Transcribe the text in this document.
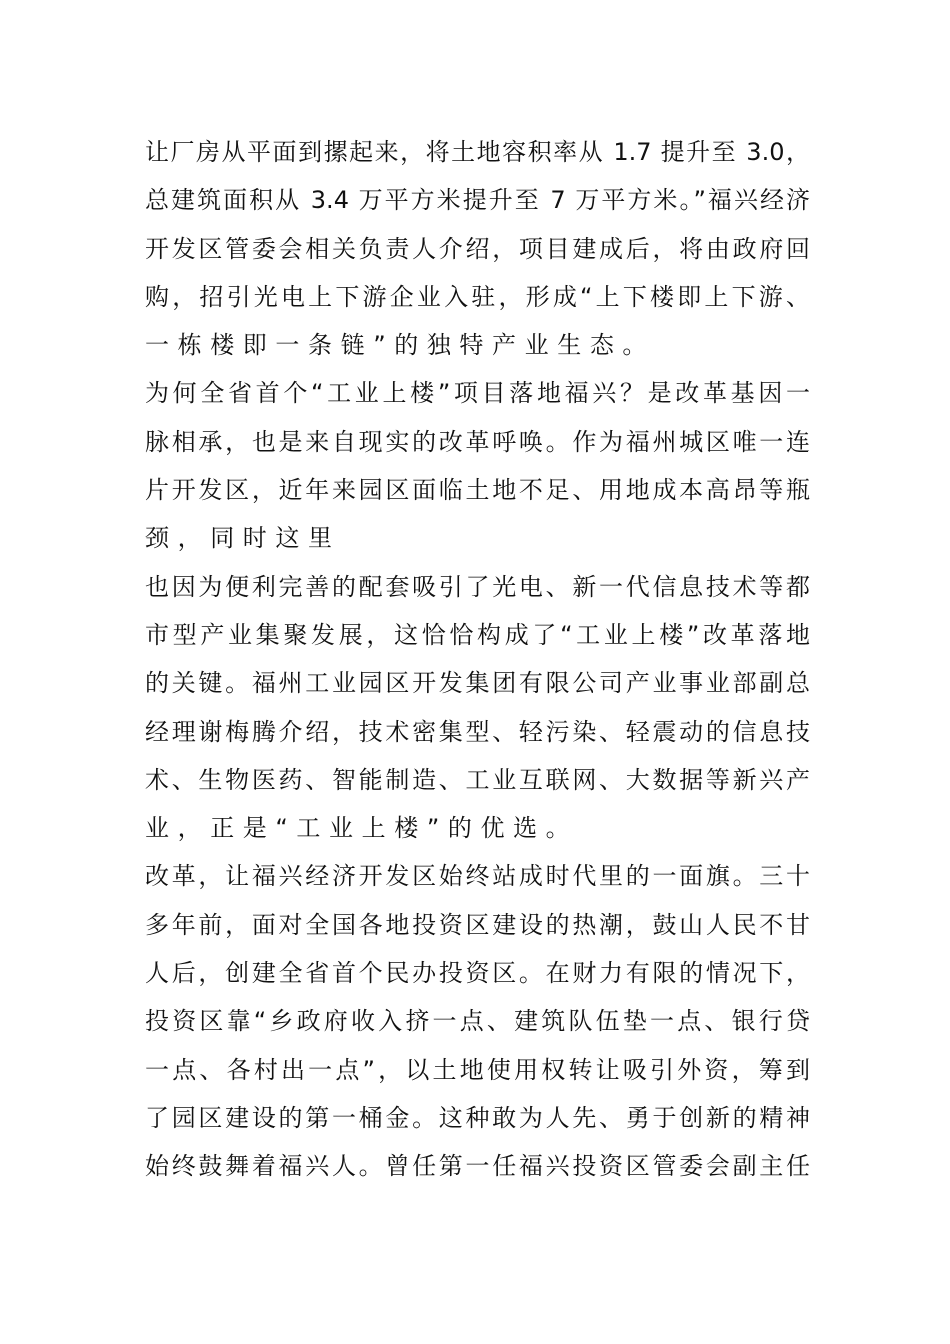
让厂房从平面到摞起来，将土地容积率从 1.7 提升至 3.0，
总建筑面积从 3.4 万平方米提升至 7 万平方米。”福兴经济
开发区管委会相关负责人介绍，项目建成后，将由政府回
购，招引光电上下游企业入驻，形成“上下楼即上下游、
一栋楼即一条链”的独特产业生态。
为何全省首个“工业上楼”项目落地福兴？是改革基因一
脉相承，也是来自现实的改革呼唤。作为福州城区唯一连
片开发区，近年来园区面临土地不足、用地成本高昂等瓶
颈，同时这里
也因为便利完善的配套吸引了光电、新一代信息技术等都
市型产业集聚发展，这恰恰构成了“工业上楼”改革落地
的关键。福州工业园区开发集团有限公司产业事业部副总
经理谢梅腾介绍，技术密集型、轻污染、轻震动的信息技
术、生物医药、智能制造、工业互联网、大数据等新兴产
业，正是“工业上楼”的优选。
改革，让福兴经济开发区始终站成时代里的一面旗。三十
多年前，面对全国各地投资区建设的热潮，鼓山人民不甘
人后，创建全省首个民办投资区。在财力有限的情况下，
投资区靠“乡政府收入挤一点、建筑队伍垫一点、银行贷
一点、各村出一点”，以土地使用权转让吸引外资，筹到
了园区建设的第一桶金。这种敢为人先、勇于创新的精神
始终鼓舞着福兴人。曾任第一任福兴投资区管委会副主任
